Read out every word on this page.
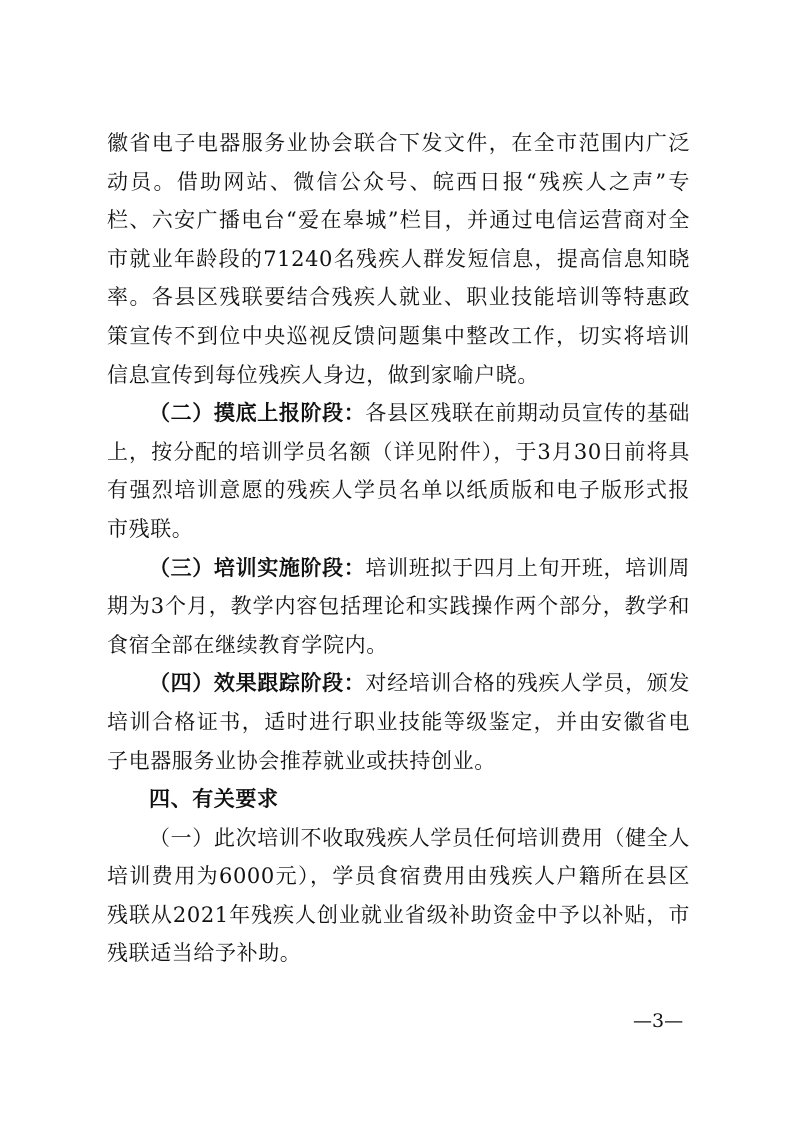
徽省电子电器服务业协会联合下发文件，在全市范围内广泛动员。借助网站、微信公众号、皖西日报“残疾人之声”专栏、六安广播电台“爱在皋城”栏目，并通过电信运营商对全市就业年龄段的71240名残疾人群发短信息，提高信息知晓率。各县区残联要结合残疾人就业、职业技能培训等特惠政策宣传不到位中央巡视反馈问题集中整改工作，切实将培训信息宣传到每位残疾人身边，做到家喻户晓。

（二）摸底上报阶段：各县区残联在前期动员宣传的基础上，按分配的培训学员名额（详见附件），于3月30日前将具有强烈培训意愿的残疾人学员名单以纸质版和电子版形式报市残联。

（三）培训实施阶段：培训班拟于四月上旬开班，培训周期为3个月，教学内容包括理论和实践操作两个部分，教学和食宿全部在继续教育学院内。

（四）效果跟踪阶段：对经培训合格的残疾人学员，颁发培训合格证书，适时进行职业技能等级鉴定，并由安徽省电子电器服务业协会推荐就业或扶持创业。

四、有关要求

（一）此次培训不收取残疾人学员任何培训费用（健全人培训费用为6000元），学员食宿费用由残疾人户籍所在县区残联从2021年残疾人创业就业省级补助资金中予以补贴，市残联适当给予补助。

—3—
